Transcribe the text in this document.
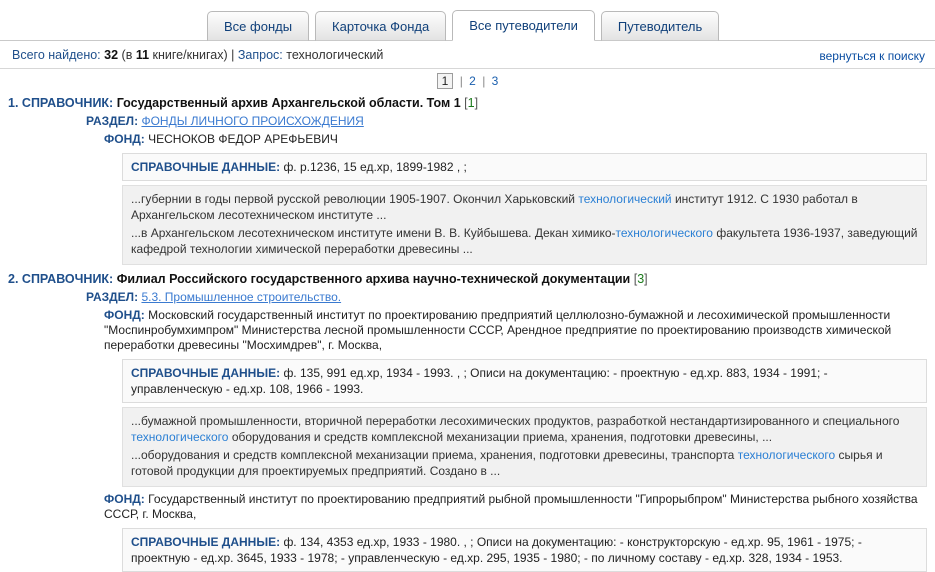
Все фонды	Карточка Фонда	Все путеводители	Путеводитель
Всего найдено: 32 (в 11 книге/книгах) | Запрос: технологический	вернуться к поиску
1 | 2 | 3
1. СПРАВОЧНИК: Государственный архив Архангельской области. Том 1 [1]
РАЗДЕЛ: ФОНДЫ ЛИЧНОГО ПРОИСХОЖДЕНИЯ
ФОНД: ЧЕСНОКОВ ФЕДОР АРЕФЬЕВИЧ
СПРАВОЧНЫЕ ДАННЫЕ: ф. р.1236, 15 ед.хр, 1899-1982 , ;

...губернии в годы первой русской революции 1905-1907. Окончил Харьковский технологический институт 1912. С 1930 работал в Архангельском лесотехническом институте ...

...в Архангельском лесотехническом институте имени В. В. Куйбышева. Декан химико-технологического факультета 1936-1937, заведующий кафедрой технологии химической переработки древесины ...

2. СПРАВОЧНИК: Филиал Российского государственного архива научно-технической документации [3]
РАЗДЕЛ: 5.3. Промышленное строительство.
ФОНД: Московский государственный институт по проектированию предприятий целлюлозно-бумажной и лесохимической промышленности "Моспинробумхимпром" Министерства лесной промышленности СССР, Арендное предприятие по проектированию производств химической переработки древесины "Мосхимдрев", г. Москва,
СПРАВОЧНЫЕ ДАННЫЕ: ф. 135, 991 ед.хр, 1934 - 1993. , ; Описи на документацию: - проектную - ед.хр. 883, 1934 - 1991; - управленческую - ед.хр. 108, 1966 - 1993.

...бумажной промышленности, вторичной переработки лесохимических продуктов, разработкой нестандартизированного и специального технологического оборудования и средств комплексной механизации приема, хранения, подготовки древесины, ...

...оборудования и средств комплексной механизации приема, хранения, подготовки древесины, транспорта технологического сырья и готовой продукции для проектируемых предприятий. Создано в ...

ФОНД: Государственный институт по проектированию предприятий рыбной промышленности "Гипрорыбпром" Министерства рыбного хозяйства СССР, г. Москва,
СПРАВОЧНЫЕ ДАННЫЕ: ф. 134, 4353 ед.хр, 1933 - 1980. , ; Описи на документацию: - конструкторскую - ед.хр. 95, 1961 - 1975; - проектную - ед.хр. 3645, 1933 - 1978; - управленческую - ед.хр. 295, 1935 - 1980; - по личному составу - ед.хр. 328, 1934 - 1953.
